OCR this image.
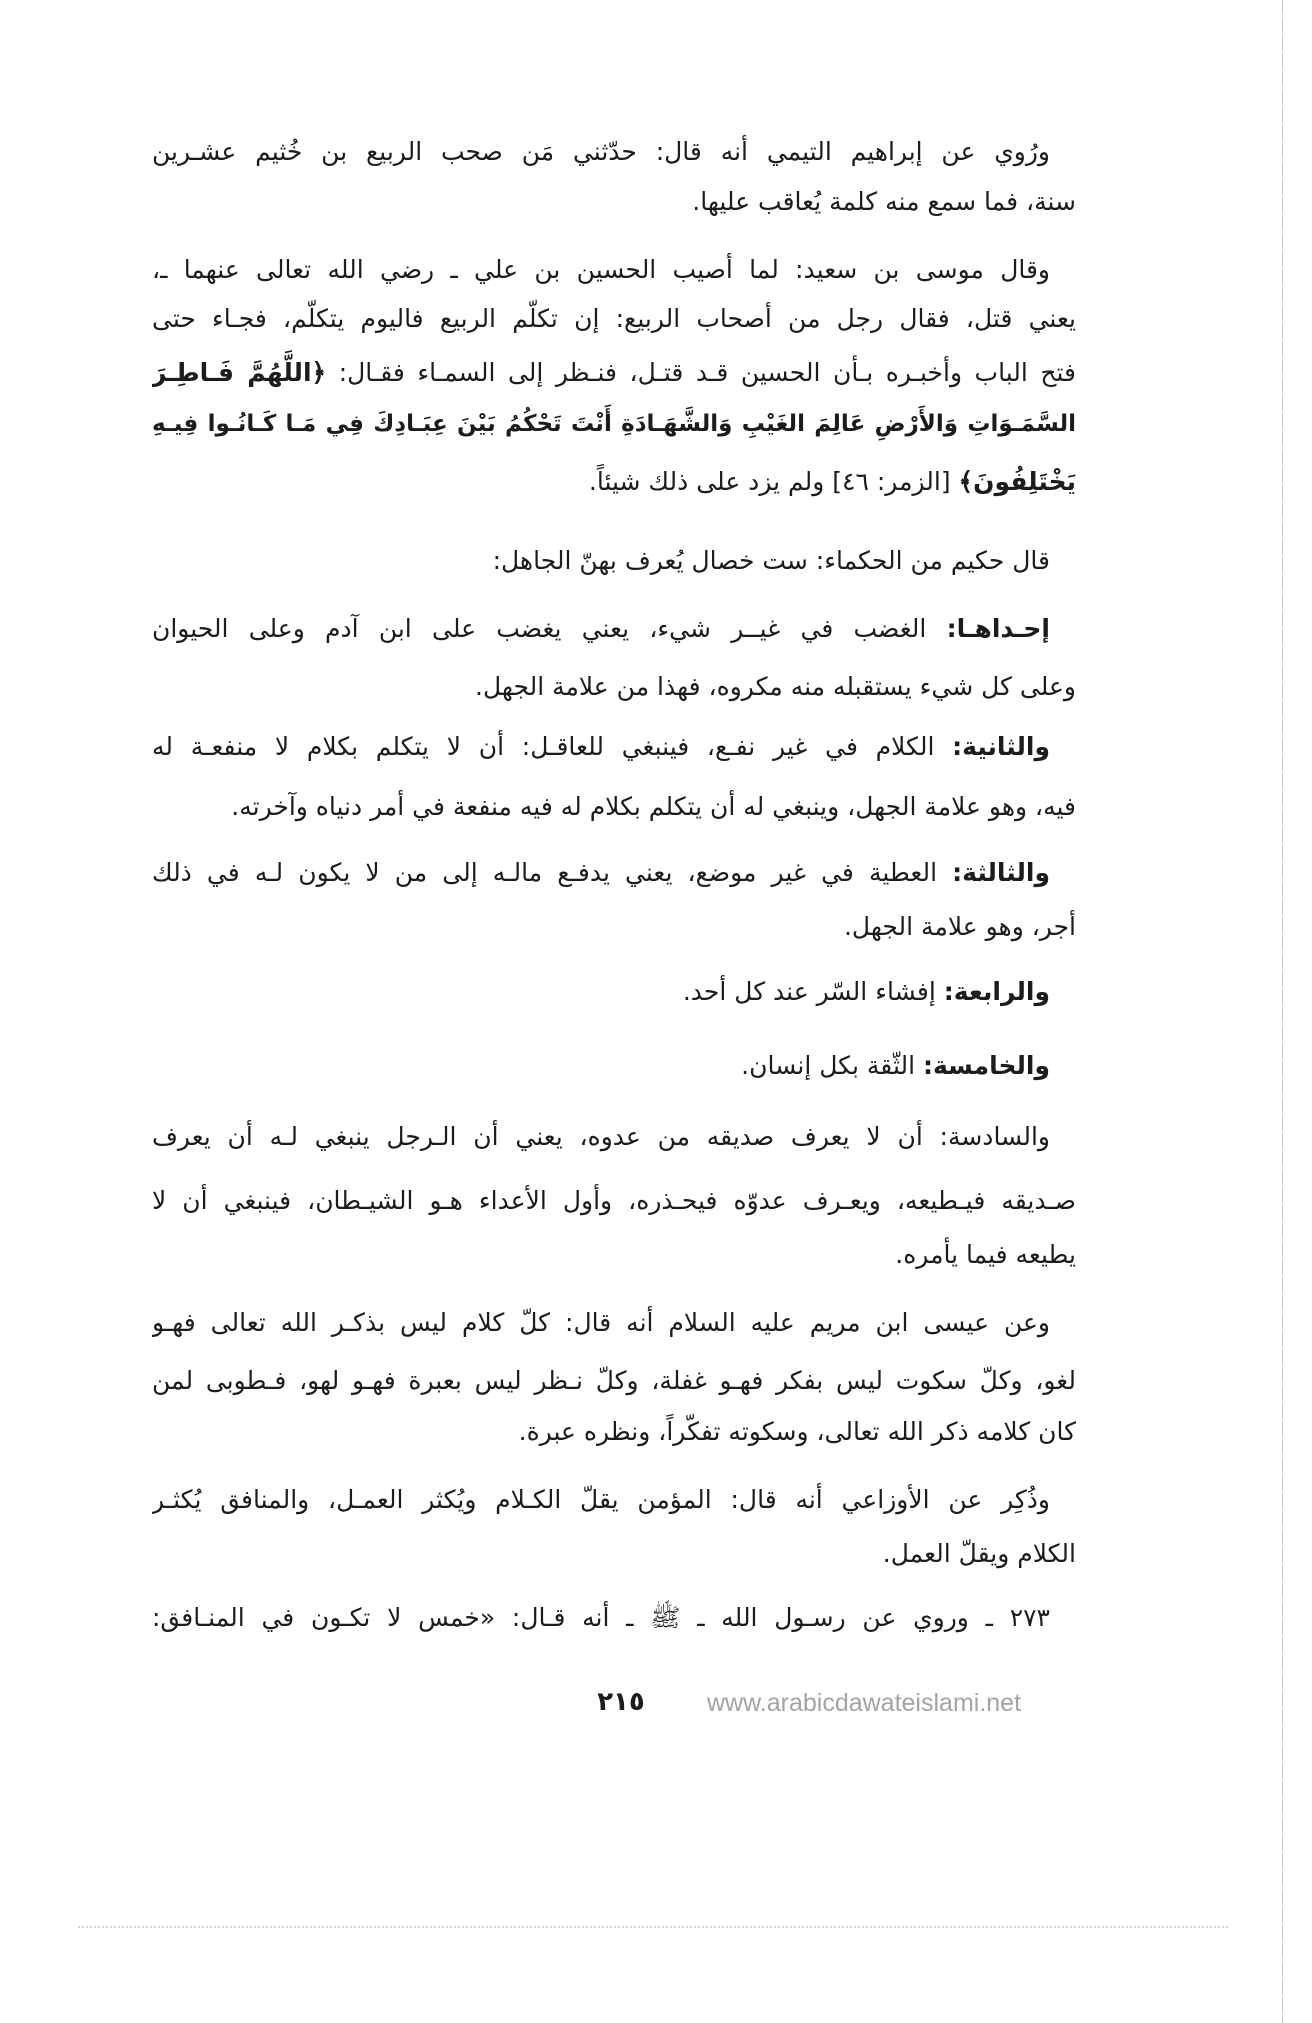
ورُوي عن إبراهيم التيمي أنه قال: حدّثني مَن صحب الربيع بن خُثيم عشـرين
سنة، فما سمع منه كلمة يُعاقب عليها.
وقال موسى بن سعيد: لما أصيب الحسين بن علي ـ رضي الله تعالى عنهما ـ،
يعني قتل، فقال رجل من أصحاب الربيع: إن تكلّم الربيع فاليوم يتكلّم، فجـاء حتى
فتح الباب وأخبـره بـأن الحسين قـد قتـل، فنـظر إلى السمـاء فقـال: ﴿اللَّهُمَّ فَـاطِـرَ
السَّمَـوَاتِ وَالأَرْضِ عَالِمَ الغَيْبِ وَالشَّهَـادَةِ أَنْتَ تَحْكُمُ بَيْنَ عِبَـادِكَ فِي مَـا كَـانُـوا فِيـهِ
يَخْتَلِفُونَ﴾ [الزمر: ٤٦] ولم يزد على ذلك شيئاً.
قال حكيم من الحكماء: ست خصال يُعرف بهنّ الجاهل:
إحـداهـا: الغضب في غيــر شيء، يعني يغضب على ابن آدم وعلى الحيوان
وعلى كل شيء يستقبله منه مكروه، فهذا من علامة الجهل.
والثانية: الكلام في غير نفـع، فينبغي للعاقـل: أن لا يتكلم بكلام لا منفعـة له
فيه، وهو علامة الجهل، وينبغي له أن يتكلم بكلام له فيه منفعة في أمر دنياه وآخرته.
والثالثة: العطية في غير موضع، يعني يدفـع مالـه إلى من لا يكون لـه في ذلك
أجر، وهو علامة الجهل.
والرابعة: إفشاء السّر عند كل أحد.
والخامسة: الثّقة بكل إنسان.
والسادسة: أن لا يعرف صديقه من عدوه، يعني أن الـرجل ينبغي لـه أن يعرف
صـديقه فيـطيعه، ويعـرف عدوّه فيحـذره، وأول الأعداء هـو الشيـطان، فينبغي أن لا
يطيعه فيما يأمره.
وعن عيسى ابن مريم عليه السلام أنه قال: كلّ كلام ليس بذكـر الله تعالى فهـو
لغو، وكلّ سكوت ليس بفكر فهـو غفلة، وكلّ نـظر ليس بعبرة فهـو لهو، فـطوبى لمن
كان كلامه ذكر الله تعالى، وسكوته تفكّراً، ونظره عبرة.
وذُكِر عن الأوزاعي أنه قال: المؤمن يقلّ الكـلام ويُكثر العمـل، والمنافق يُكثـر
الكلام ويقلّ العمل.
٢٧٣ ـ وروي عن رسـول الله ـ ﷺ ـ أنه قـال: «خمس لا تكـون في المنـافق:
٢١٥	www.arabicdawateislami.net
